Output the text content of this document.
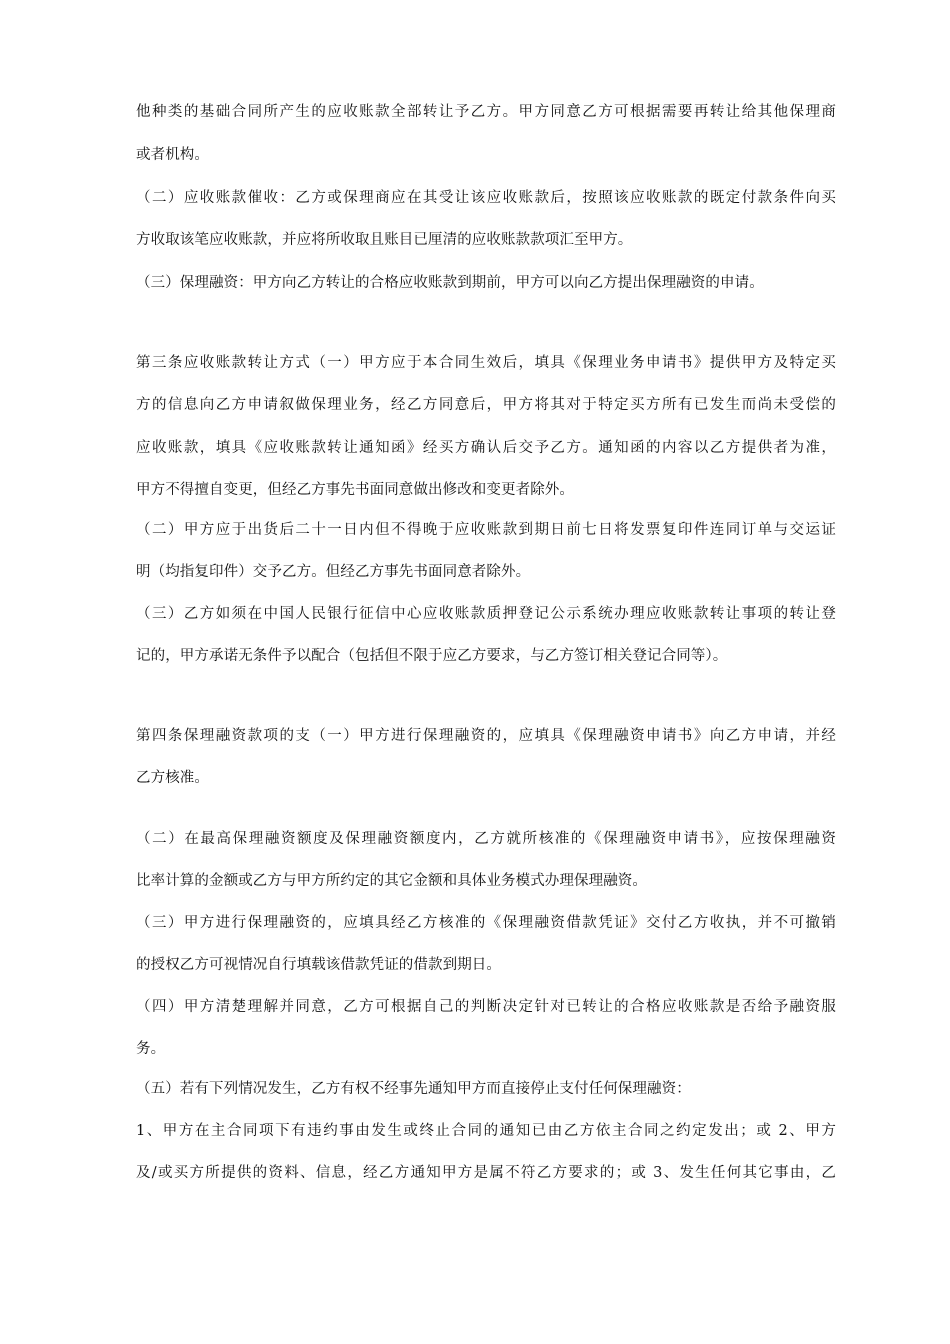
他种类的基础合同所产生的应收账款全部转让予乙方。甲方同意乙方可根据需要再转让给其他保理商
或者机构。
（二）应收账款催收：乙方或保理商应在其受让该应收账款后，按照该应收账款的既定付款条件向买
方收取该笔应收账款，并应将所收取且账目已厘清的应收账款款项汇至甲方。
（三）保理融资：甲方向乙方转让的合格应收账款到期前，甲方可以向乙方提出保理融资的申请。
第三条应收账款转让方式（一）甲方应于本合同生效后，填具《保理业务申请书》提供甲方及特定买
方的信息向乙方申请叙做保理业务，经乙方同意后，甲方将其对于特定买方所有已发生而尚未受偿的
应收账款，填具《应收账款转让通知函》经买方确认后交予乙方。通知函的内容以乙方提供者为准，
甲方不得擅自变更，但经乙方事先书面同意做出修改和变更者除外。
（二）甲方应于出货后二十一日内但不得晚于应收账款到期日前七日将发票复印件连同订单与交运证
明（均指复印件）交予乙方。但经乙方事先书面同意者除外。
（三）乙方如须在中国人民银行征信中心应收账款质押登记公示系统办理应收账款转让事项的转让登
记的，甲方承诺无条件予以配合（包括但不限于应乙方要求，与乙方签订相关登记合同等）。
第四条保理融资款项的支（一）甲方进行保理融资的，应填具《保理融资申请书》向乙方申请，并经
乙方核准。
（二）在最高保理融资额度及保理融资额度内，乙方就所核准的《保理融资申请书》，应按保理融资
比率计算的金额或乙方与甲方所约定的其它金额和具体业务模式办理保理融资。
（三）甲方进行保理融资的，应填具经乙方核准的《保理融资借款凭证》交付乙方收执，并不可撤销
的授权乙方可视情况自行填载该借款凭证的借款到期日。
（四）甲方清楚理解并同意，乙方可根据自己的判断决定针对已转让的合格应收账款是否给予融资服
务。
（五）若有下列情况发生，乙方有权不经事先通知甲方而直接停止支付任何保理融资：
1、甲方在主合同项下有违约事由发生或终止合同的通知已由乙方依主合同之约定发出；或 2、甲方
及/或买方所提供的资料、信息，经乙方通知甲方是属不符乙方要求的；或 3、发生任何其它事由，乙
